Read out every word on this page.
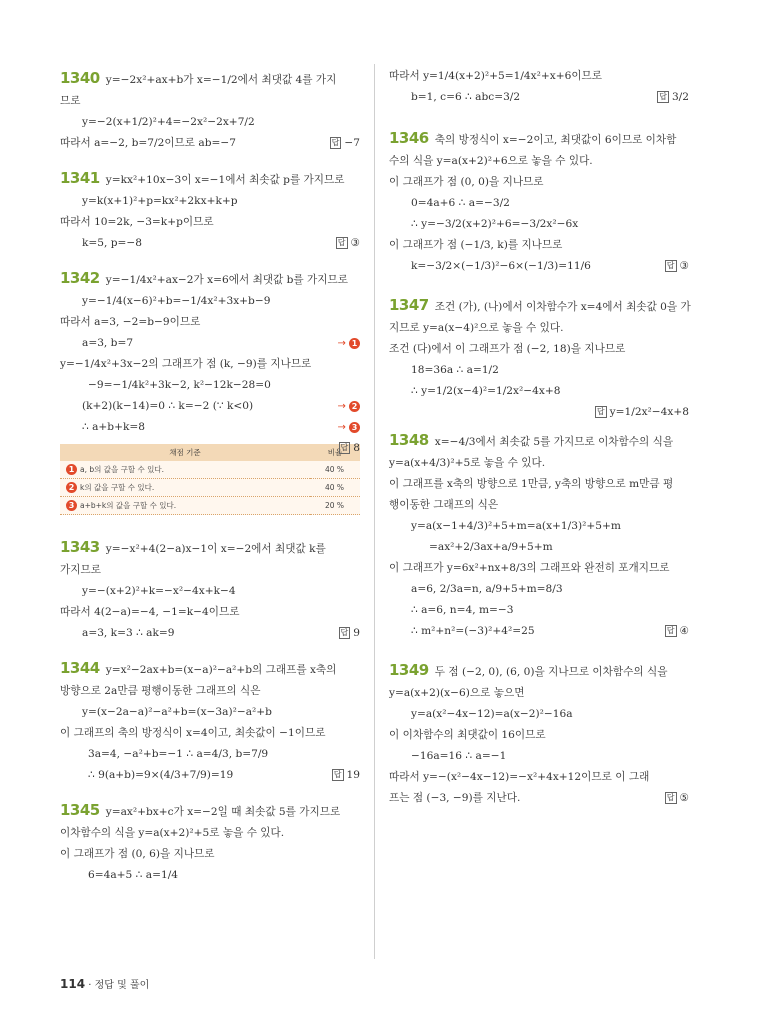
1340 y=−2x²+ax+b가 x=−1/2에서 최댓값 4를 가지
므로
y=−2(x+1/2)²+4=−2x²−2x+7/2
따라서 a=−2, b=7/2이므로 ab=−7	답 −7
1341 y=kx²+10x−3이 x=−1에서 최솟값 p를 가지므로
y=k(x+1)²+p=kx²+2kx+k+p
따라서 10=2k, −3=k+p이므로
k=5, p=−8	답 ③
1342 y=−1/4x²+ax−2가 x=6에서 최댓값 b를 가지므로
y=−1/4(x−6)²+b=−1/4x²+3x+b−9
따라서 a=3, −2=b−9이므로
a=3, b=7	→ 1
y=−1/4x²+3x−2의 그래프가 점 (k, −9)를 지나므로
−9=−1/4k²+3k−2, k²−12k−28=0
(k+2)(k−14)=0 ∴ k=−2 (∵ k<0)	→ 2
∴ a+b+k=8	→ 3
답 8
채점 기준	비율
1 a, b의 값을 구할 수 있다.	40 %
2 k의 값을 구할 수 있다.	40 %
3 a+b+k의 값을 구할 수 있다.	20 %
1343 y=−x²+4(2−a)x−1이 x=−2에서 최댓값 k를
가지므로
y=−(x+2)²+k=−x²−4x+k−4
따라서 4(2−a)=−4, −1=k−4이므로
a=3, k=3 ∴ ak=9	답 9
1344 y=x²−2ax+b=(x−a)²−a²+b의 그래프를 x축의
방향으로 2a만큼 평행이동한 그래프의 식은
y=(x−2a−a)²−a²+b=(x−3a)²−a²+b
이 그래프의 축의 방정식이 x=4이고, 최솟값이 −1이므로
3a=4, −a²+b=−1 ∴ a=4/3, b=7/9
∴ 9(a+b)=9×(4/3+7/9)=19	답 19
1345 y=ax²+bx+c가 x=−2일 때 최솟값 5를 가지므로
이차함수의 식을 y=a(x+2)²+5로 놓을 수 있다.
이 그래프가 점 (0, 6)을 지나므로
6=4a+5 ∴ a=1/4
따라서 y=1/4(x+2)²+5=1/4x²+x+6이므로
b=1, c=6 ∴ abc=3/2	답 3/2
1346 축의 방정식이 x=−2이고, 최댓값이 6이므로 이차함
수의 식을 y=a(x+2)²+6으로 놓을 수 있다.
이 그래프가 점 (0, 0)을 지나므로
0=4a+6 ∴ a=−3/2
∴ y=−3/2(x+2)²+6=−3/2x²−6x
이 그래프가 점 (−1/3, k)를 지나므로
k=−3/2×(−1/3)²−6×(−1/3)=11/6	답 ③
1347 조건 (가), (나)에서 이차함수가 x=4에서 최솟값 0을 가
지므로 y=a(x−4)²으로 놓을 수 있다.
조건 (다)에서 이 그래프가 점 (−2, 18)을 지나므로
18=36a ∴ a=1/2
∴ y=1/2(x−4)²=1/2x²−4x+8
답 y=1/2x²−4x+8
1348 x=−4/3에서 최솟값 5를 가지므로 이차함수의 식을
y=a(x+4/3)²+5로 놓을 수 있다.
이 그래프를 x축의 방향으로 1만큼, y축의 방향으로 m만큼 평
행이동한 그래프의 식은
y=a(x−1+4/3)²+5+m=a(x+1/3)²+5+m
=ax²+2/3ax+a/9+5+m
이 그래프가 y=6x²+nx+8/3의 그래프와 완전히 포개지므로
a=6, 2/3a=n, a/9+5+m=8/3
∴ a=6, n=4, m=−3
∴ m²+n²=(−3)²+4²=25	답 ④
1349 두 점 (−2, 0), (6, 0)을 지나므로 이차함수의 식을
y=a(x+2)(x−6)으로 놓으면
y=a(x²−4x−12)=a(x−2)²−16a
이 이차함수의 최댓값이 16이므로
−16a=16 ∴ a=−1
따라서 y=−(x²−4x−12)=−x²+4x+12이므로 이 그래
프는 점 (−3, −9)를 지난다.	답 ⑤
114 · 정답 및 풀이
